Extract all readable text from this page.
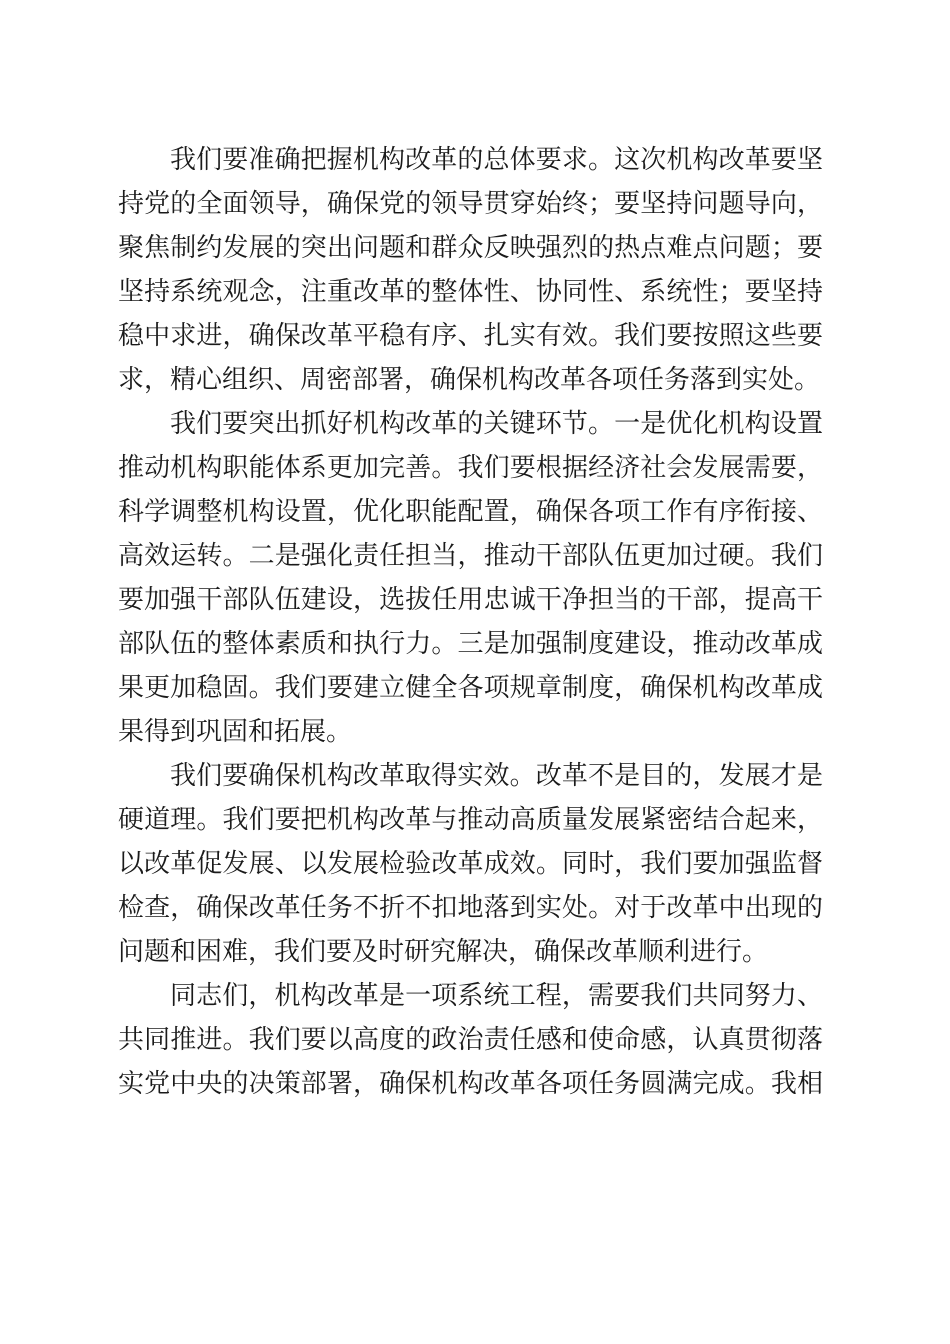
我们要准确把握机构改革的总体要求。这次机构改革要坚

持党的全面领导，确保党的领导贯穿始终；要坚持问题导向，

聚焦制约发展的突出问题和群众反映强烈的热点难点问题；要

坚持系统观念，注重改革的整体性、协同性、系统性；要坚持

稳中求进，确保改革平稳有序、扎实有效。我们要按照这些要

求，精心组织、周密部署，确保机构改革各项任务落到实处。

我们要突出抓好机构改革的关键环节。一是优化机构设置

推动机构职能体系更加完善。我们要根据经济社会发展需要，

科学调整机构设置，优化职能配置，确保各项工作有序衔接、

高效运转。二是强化责任担当，推动干部队伍更加过硬。我们

要加强干部队伍建设，选拔任用忠诚干净担当的干部，提高干

部队伍的整体素质和执行力。三是加强制度建设，推动改革成

果更加稳固。我们要建立健全各项规章制度，确保机构改革成

果得到巩固和拓展。

我们要确保机构改革取得实效。改革不是目的，发展才是

硬道理。我们要把机构改革与推动高质量发展紧密结合起来，

以改革促发展、以发展检验改革成效。同时，我们要加强监督

检查，确保改革任务不折不扣地落到实处。对于改革中出现的

问题和困难，我们要及时研究解决，确保改革顺利进行。

同志们，机构改革是一项系统工程，需要我们共同努力、

共同推进。我们要以高度的政治责任感和使命感，认真贯彻落

实党中央的决策部署，确保机构改革各项任务圆满完成。我相
